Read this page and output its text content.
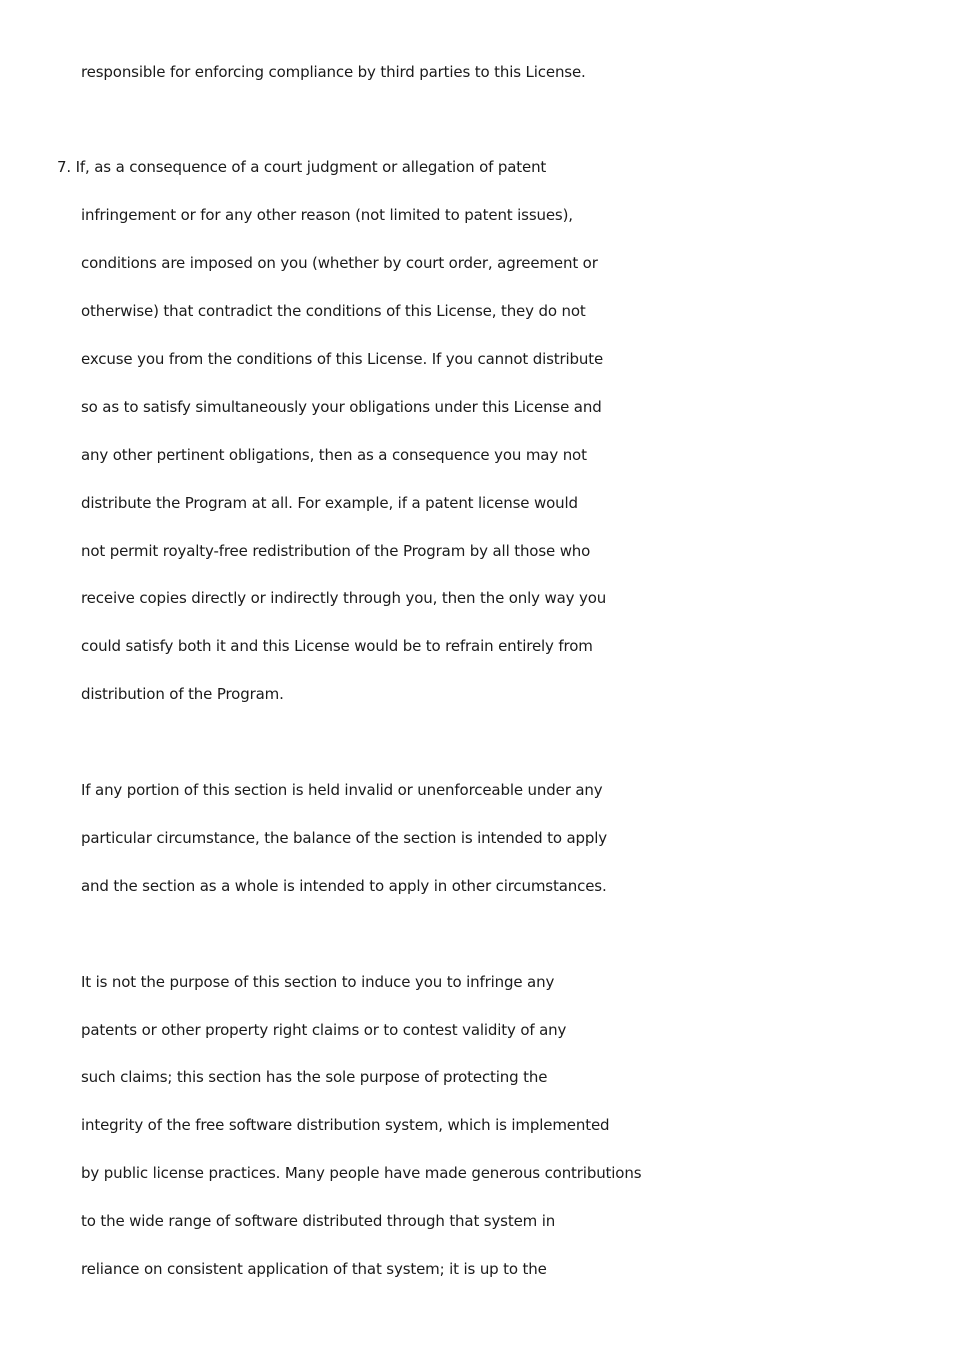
responsible for enforcing compliance by third parties to this License.
7. If, as a consequence of a court judgment or allegation of patent
infringement or for any other reason (not limited to patent issues),
conditions are imposed on you (whether by court order, agreement or
otherwise) that contradict the conditions of this License, they do not
excuse you from the conditions of this License. If you cannot distribute
so as to satisfy simultaneously your obligations under this License and
any other pertinent obligations, then as a consequence you may not
distribute the Program at all. For example, if a patent license would
not permit royalty-free redistribution of the Program by all those who
receive copies directly or indirectly through you, then the only way you
could satisfy both it and this License would be to refrain entirely from
distribution of the Program.
If any portion of this section is held invalid or unenforceable under any
particular circumstance, the balance of the section is intended to apply
and the section as a whole is intended to apply in other circumstances.
It is not the purpose of this section to induce you to infringe any
patents or other property right claims or to contest validity of any
such claims; this section has the sole purpose of protecting the
integrity of the free software distribution system, which is implemented
by public license practices. Many people have made generous contributions
to the wide range of software distributed through that system in
reliance on consistent application of that system; it is up to the
